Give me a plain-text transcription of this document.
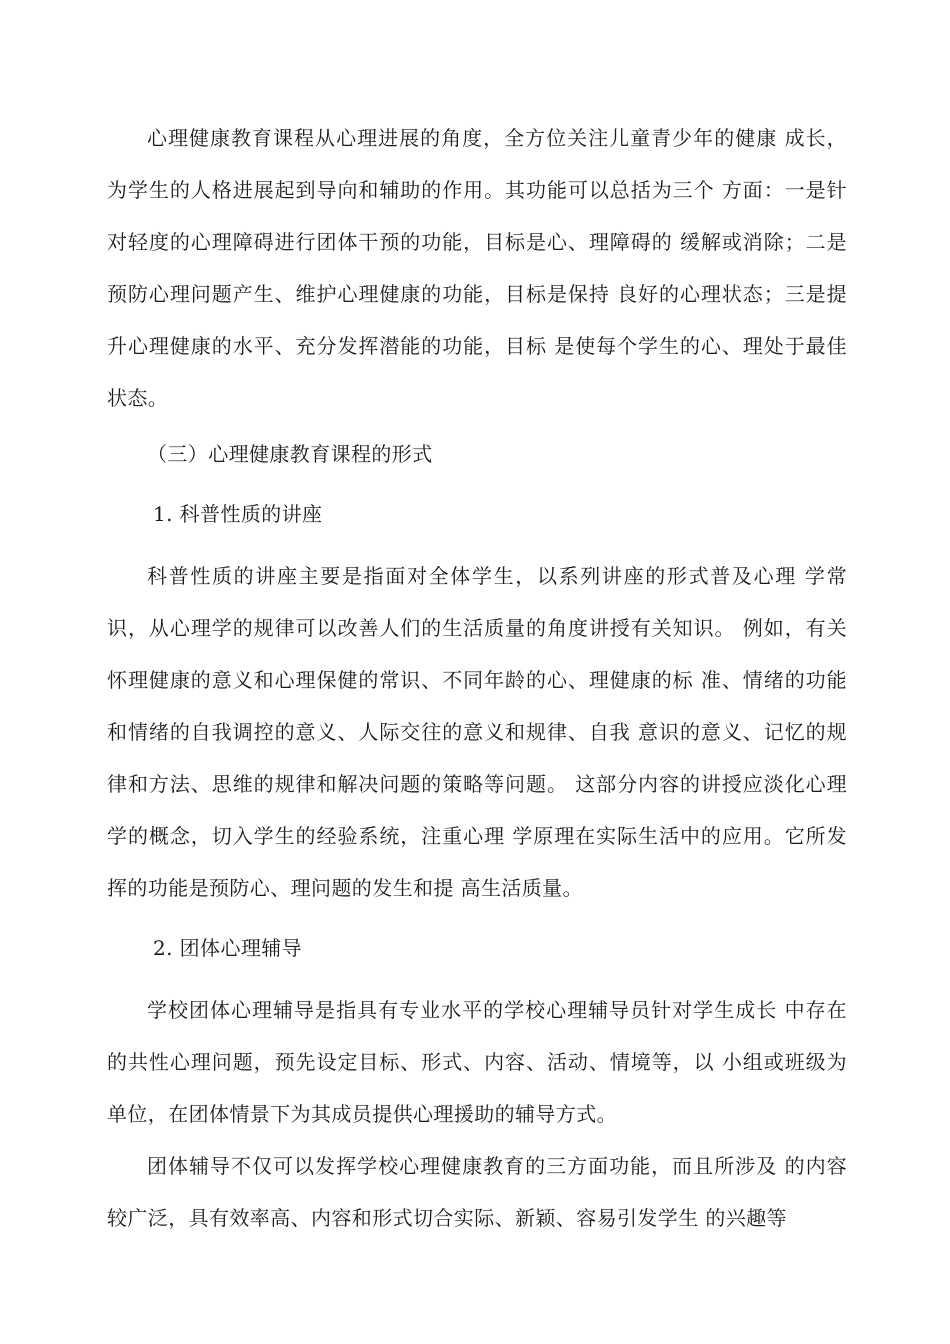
心理健康教育课程从心理进展的角度，全方位关注儿童青少年的健康 成长，为学生的人格进展起到导向和辅助的作用。其功能可以总括为三个 方面：一是针对轻度的心理障碍进行团体干预的功能，目标是心、理障碍的 缓解或消除；二是预防心理问题产生、维护心理健康的功能，目标是保持 良好的心理状态；三是提升心理健康的水平、充分发挥潜能的功能，目标 是使每个学生的心、理处于最佳状态。

（三）心理健康教育课程的形式

1. 科普性质的讲座

科普性质的讲座主要是指面对全体学生，以系列讲座的形式普及心理 学常识，从心理学的规律可以改善人们的生活质量的角度讲授有关知识。 例如，有关怀理健康的意义和心理保健的常识、不同年龄的心、理健康的标 准、情绪的功能和情绪的自我调控的意义、人际交往的意义和规律、自我 意识的意义、记忆的规律和方法、思维的规律和解决问题的策略等问题。 这部分内容的讲授应淡化心理学的概念，切入学生的经验系统，注重心理 学原理在实际生活中的应用。它所发挥的功能是预防心、理问题的发生和提 高生活质量。

2. 团体心理辅导

学校团体心理辅导是指具有专业水平的学校心理辅导员针对学生成长 中存在的共性心理问题，预先设定目标、形式、内容、活动、情境等，以 小组或班级为单位，在团体情景下为其成员提供心理援助的辅导方式。

团体辅导不仅可以发挥学校心理健康教育的三方面功能，而且所涉及 的内容较广泛，具有效率高、内容和形式切合实际、新颖、容易引发学生 的兴趣等
